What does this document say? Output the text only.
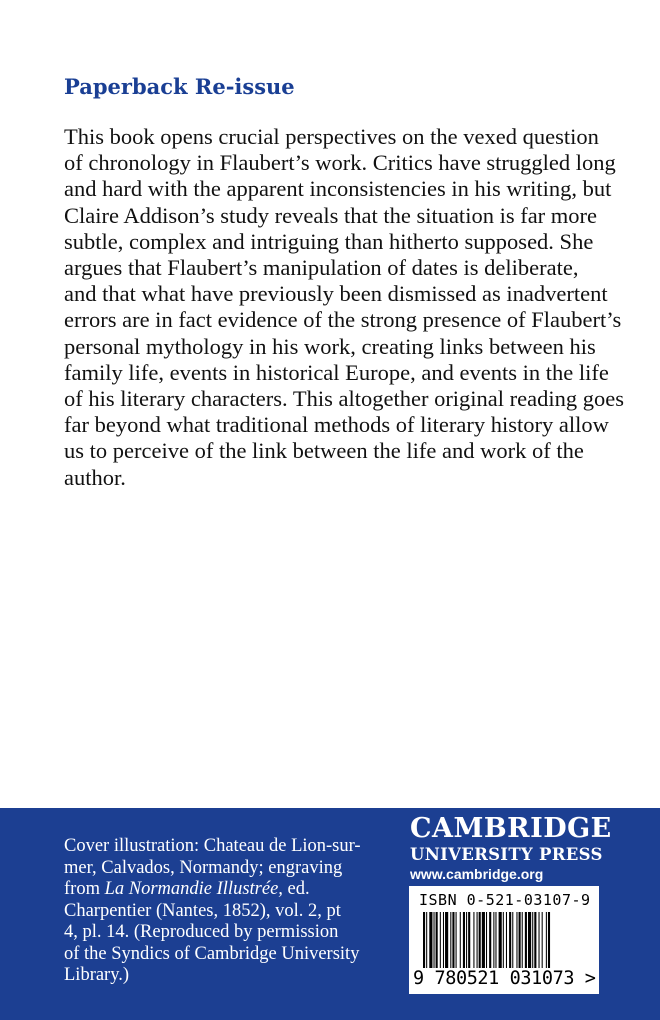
Paperback Re-issue

This book opens crucial perspectives on the vexed question
of chronology in Flaubert’s work. Critics have struggled long
and hard with the apparent inconsistencies in his writing, but
Claire Addison’s study reveals that the situation is far more
subtle, complex and intriguing than hitherto supposed. She
argues that Flaubert’s manipulation of dates is deliberate,
and that what have previously been dismissed as inadvertent
errors are in fact evidence of the strong presence of Flaubert’s
personal mythology in his work, creating links between his
family life, events in historical Europe, and events in the life
of his literary characters. This altogether original reading goes
far beyond what traditional methods of literary history allow
us to perceive of the link between the life and work of the
author.

Cover illustration: Chateau de Lion-sur-
mer, Calvados, Normandy; engraving
from La Normandie Illustrée, ed.
Charpentier (Nantes, 1852), vol. 2, pt
4, pl. 14. (Reproduced by permission
of the Syndics of Cambridge University
Library.)
CAMBRIDGE
UNIVERSITY PRESS
www.cambridge.org
ISBN 0-521-03107-9
9 780521 031073 >
